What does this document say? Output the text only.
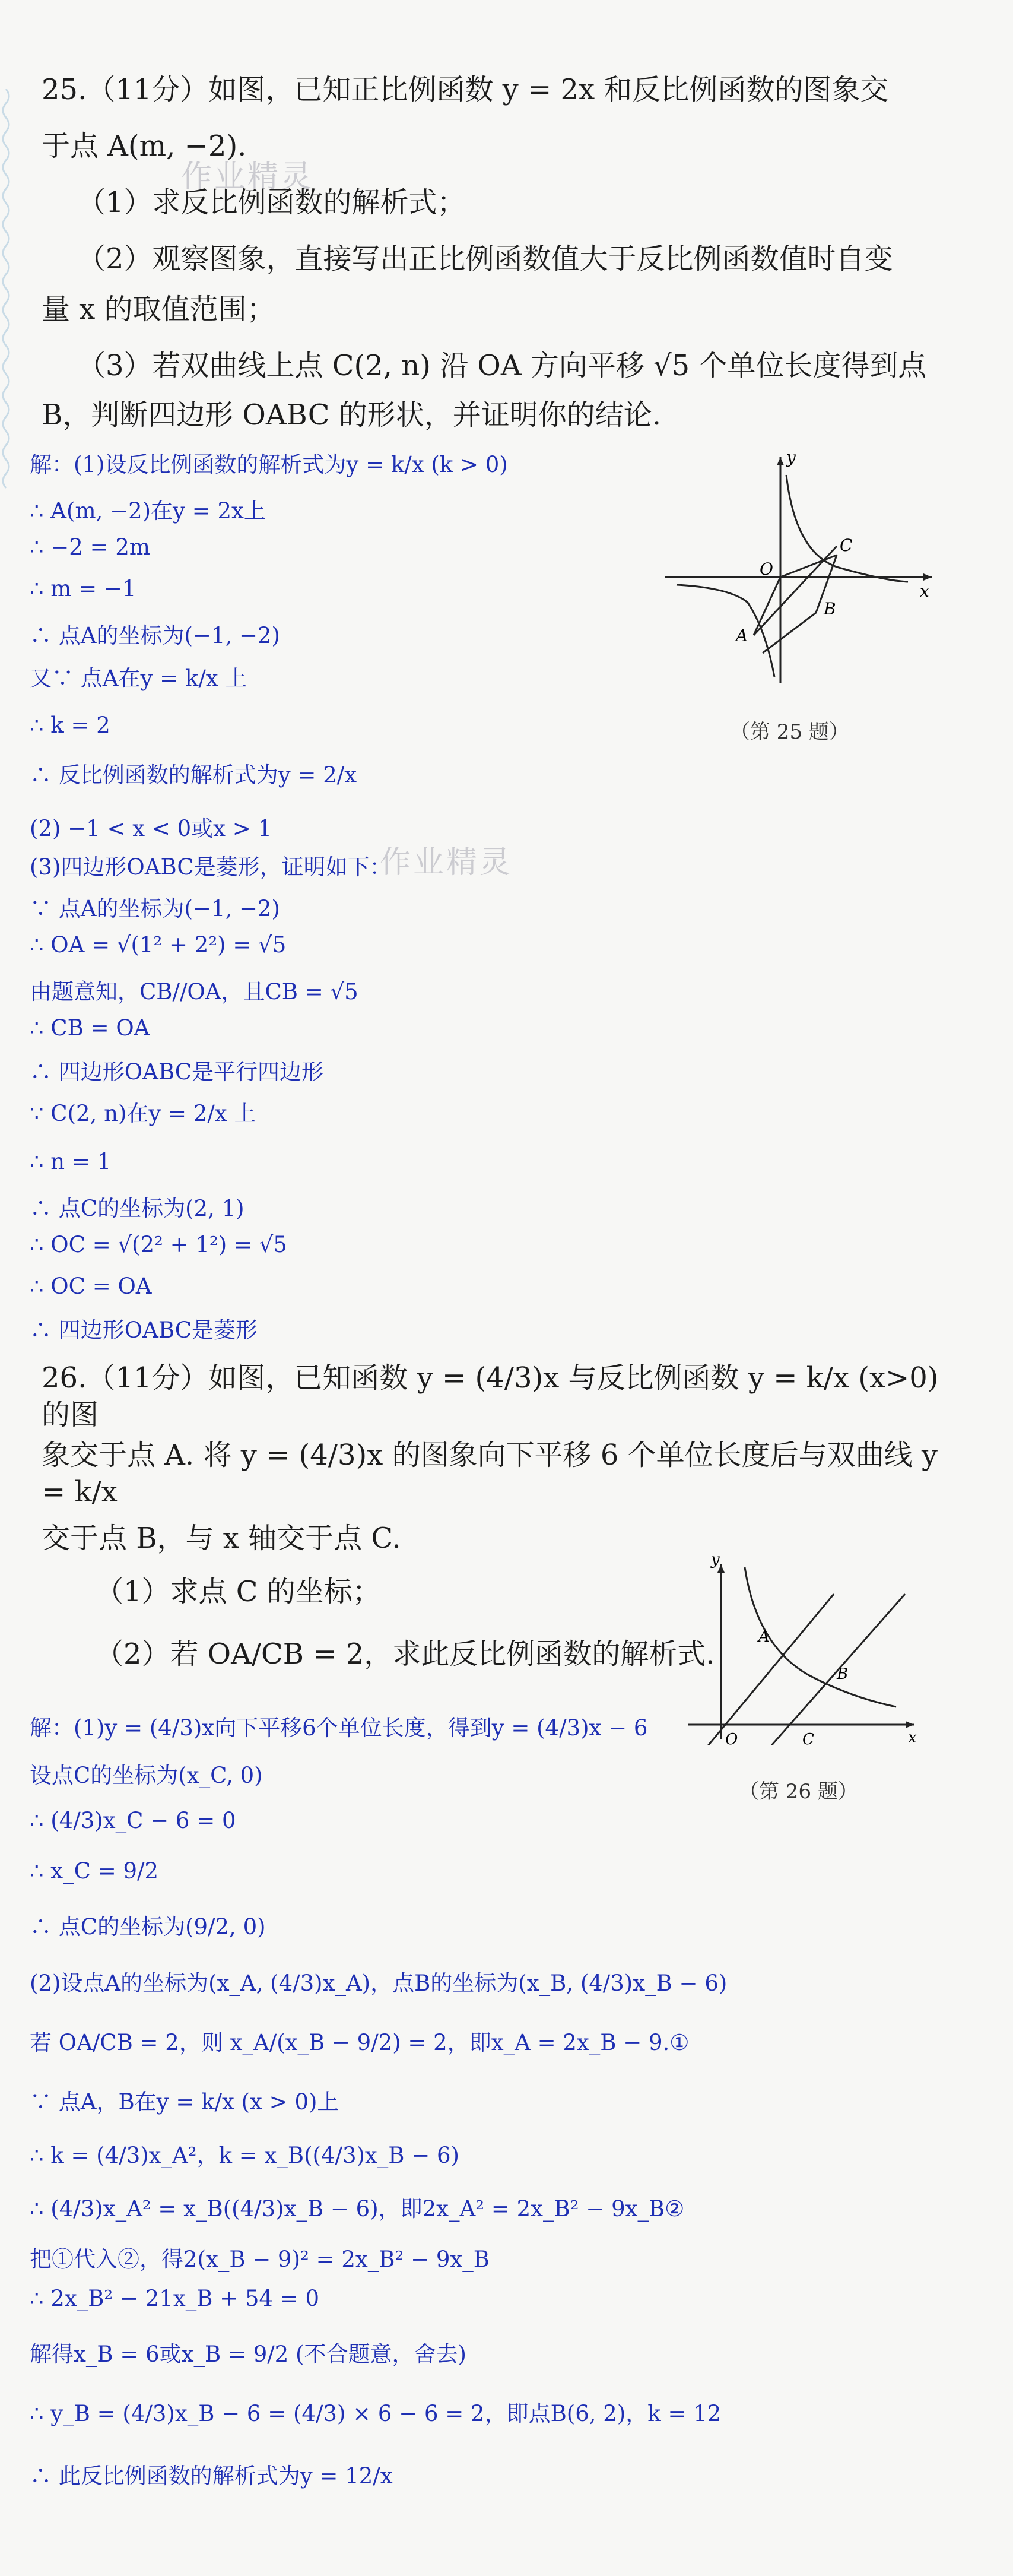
25.（11分）如图，已知正比例函数 y = 2x 和反比例函数的图象交
于点 A(m, −2).
（1）求反比例函数的解析式；
（2）观察图象，直接写出正比例函数值大于反比例函数值时自变
量 x 的取值范围；
（3）若双曲线上点 C(2, n) 沿 OA 方向平移 √5 个单位长度得到点
B，判断四边形 OABC 的形状，并证明你的结论.
作业精灵
y
O
x
C
B
A
（第 25 题）
解：(1)设反比例函数的解析式为y = k/x (k > 0)
∴ A(m, −2)在y = 2x上
∴ −2 = 2m
∴ m = −1
∴ 点A的坐标为(−1, −2)
又∵ 点A在y = k/x 上
∴ k = 2
∴ 反比例函数的解析式为y = 2/x
(2) −1 < x < 0或x > 1
(3)四边形OABC是菱形，证明如下：
∵ 点A的坐标为(−1, −2)
∴ OA = √(1² + 2²) = √5
由题意知，CB//OA，且CB = √5
∴ CB = OA
∴ 四边形OABC是平行四边形
∵ C(2, n)在y = 2/x 上
∴ n = 1
∴ 点C的坐标为(2, 1)
∴ OC = √(2² + 1²) = √5
∴ OC = OA
∴ 四边形OABC是菱形
作业精灵
26.（11分）如图，已知函数 y = (4/3)x 与反比例函数 y = k/x (x>0) 的图
象交于点 A. 将 y = (4/3)x 的图象向下平移 6 个单位长度后与双曲线 y = k/x
交于点 B，与 x 轴交于点 C.
（1）求点 C 的坐标；
（2）若 OA/CB = 2，求此反比例函数的解析式.
y
A
B
O	C	x
（第 26 题）
解：(1)y = (4/3)x向下平移6个单位长度，得到y = (4/3)x − 6
设点C的坐标为(x_C, 0)
∴ (4/3)x_C − 6 = 0
∴ x_C = 9/2
∴ 点C的坐标为(9/2, 0)
(2)设点A的坐标为(x_A, (4/3)x_A)，点B的坐标为(x_B, (4/3)x_B − 6)
若 OA/CB = 2，则 x_A/(x_B − 9/2) = 2，即x_A = 2x_B − 9.①
∵ 点A，B在y = k/x (x > 0)上
∴ k = (4/3)x_A²，k = x_B((4/3)x_B − 6)
∴ (4/3)x_A² = x_B((4/3)x_B − 6)，即2x_A² = 2x_B² − 9x_B②
把①代入②，得2(x_B − 9)² = 2x_B² − 9x_B
∴ 2x_B² − 21x_B + 54 = 0
解得x_B = 6或x_B = 9/2 (不合题意，舍去)
∴ y_B = (4/3)x_B − 6 = (4/3) × 6 − 6 = 2，即点B(6, 2)，k = 12
∴ 此反比例函数的解析式为y = 12/x
